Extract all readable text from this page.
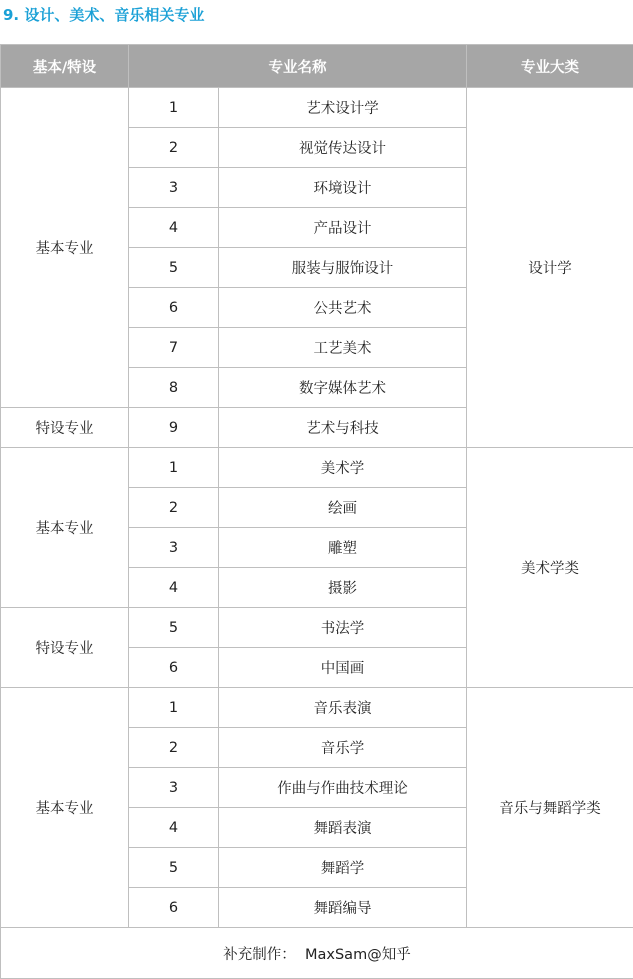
9. 设计、美术、音乐相关专业
基本/特设	专业名称		专业大类
基本专业	1	艺术设计学	设计学
	2	视觉传达设计	
	3	环境设计	
	4	产品设计	
	5	服装与服饰设计	
	6	公共艺术	
	7	工艺美术	
	8	数字媒体艺术	
特设专业	9	艺术与科技	
基本专业	1	美术学	美术学类
	2	绘画	
	3	雕塑	
	4	摄影	
特设专业	5	书法学	
	6	中国画	
基本专业	1	音乐表演	音乐与舞蹈学类
	2	音乐学	
	3	作曲与作曲技术理论	
	4	舞蹈表演	
	5	舞蹈学	
	6	舞蹈编导	
补充制作：  MaxSam@知乎			
